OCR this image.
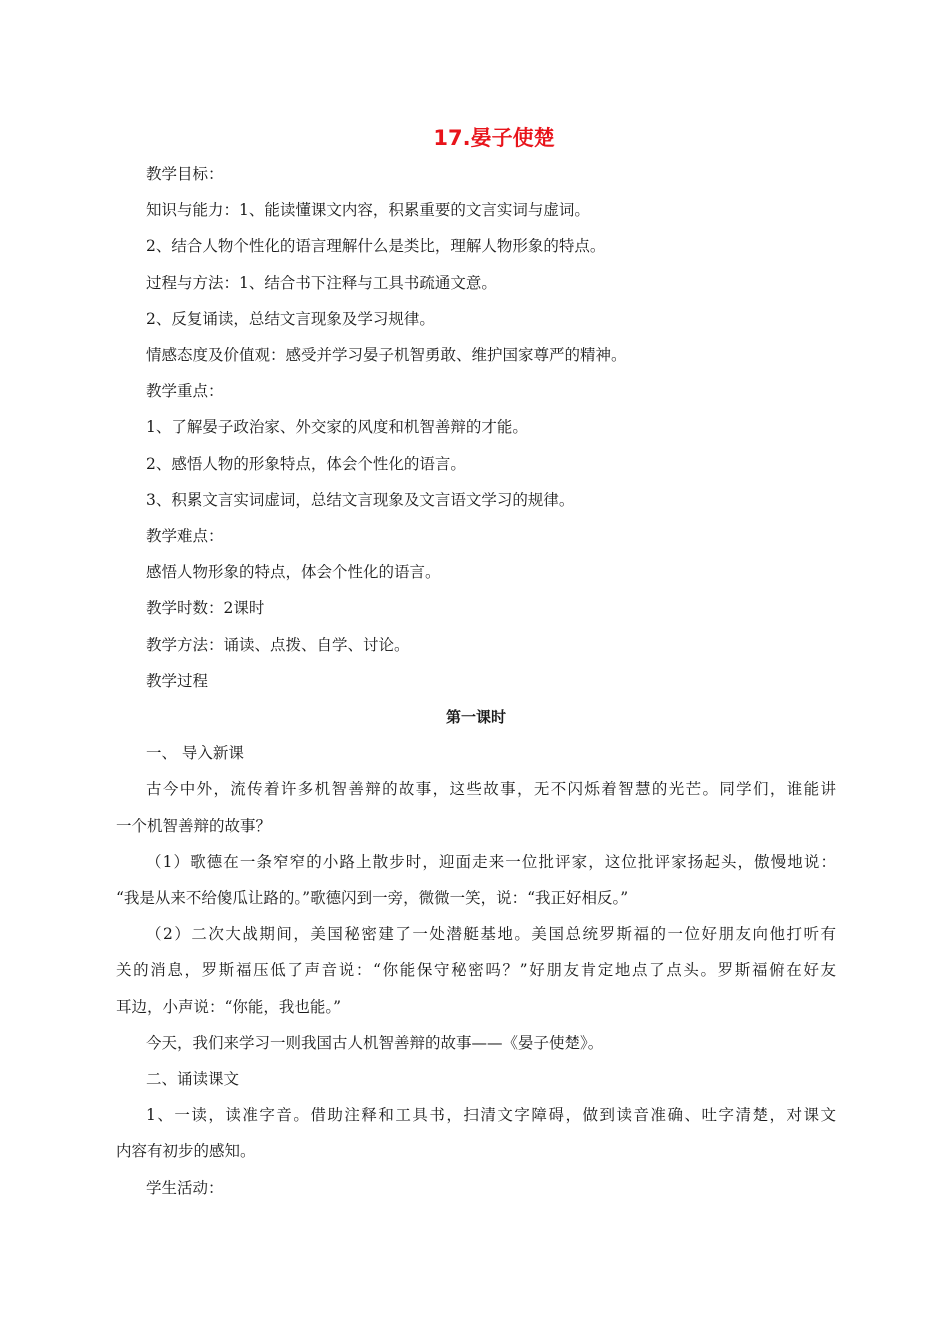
17.晏子使楚
教学目标：
知识与能力：1、能读懂课文内容，积累重要的文言实词与虚词。
2、结合人物个性化的语言理解什么是类比，理解人物形象的特点。
过程与方法：1、结合书下注释与工具书疏通文意。
2、反复诵读，总结文言现象及学习规律。
情感态度及价值观：感受并学习晏子机智勇敢、维护国家尊严的精神。
教学重点：
1、了解晏子政治家、外交家的风度和机智善辩的才能。
2、感悟人物的形象特点，体会个性化的语言。
3、积累文言实词虚词，总结文言现象及文言语文学习的规律。
教学难点：
感悟人物形象的特点，体会个性化的语言。
教学时数：2课时
教学方法：诵读、点拨、自学、讨论。
教学过程
第一课时
一、 导入新课
古今中外，流传着许多机智善辩的故事，这些故事，无不闪烁着智慧的光芒。同学们，谁能讲
一个机智善辩的故事？
（1）歌德在一条窄窄的小路上散步时，迎面走来一位批评家，这位批评家扬起头，傲慢地说：
“我是从来不给傻瓜让路的。”歌德闪到一旁，微微一笑，说：“我正好相反。”
（2）二次大战期间，美国秘密建了一处潜艇基地。美国总统罗斯福的一位好朋友向他打听有
关的消息，罗斯福压低了声音说：“你能保守秘密吗？”好朋友肯定地点了点头。罗斯福俯在好友
耳边，小声说：“你能，我也能。”
今天，我们来学习一则我国古人机智善辩的故事——《晏子使楚》。
二、诵读课文
1、一读，读准字音。借助注释和工具书，扫清文字障碍，做到读音准确、吐字清楚，对课文
内容有初步的感知。
学生活动：
